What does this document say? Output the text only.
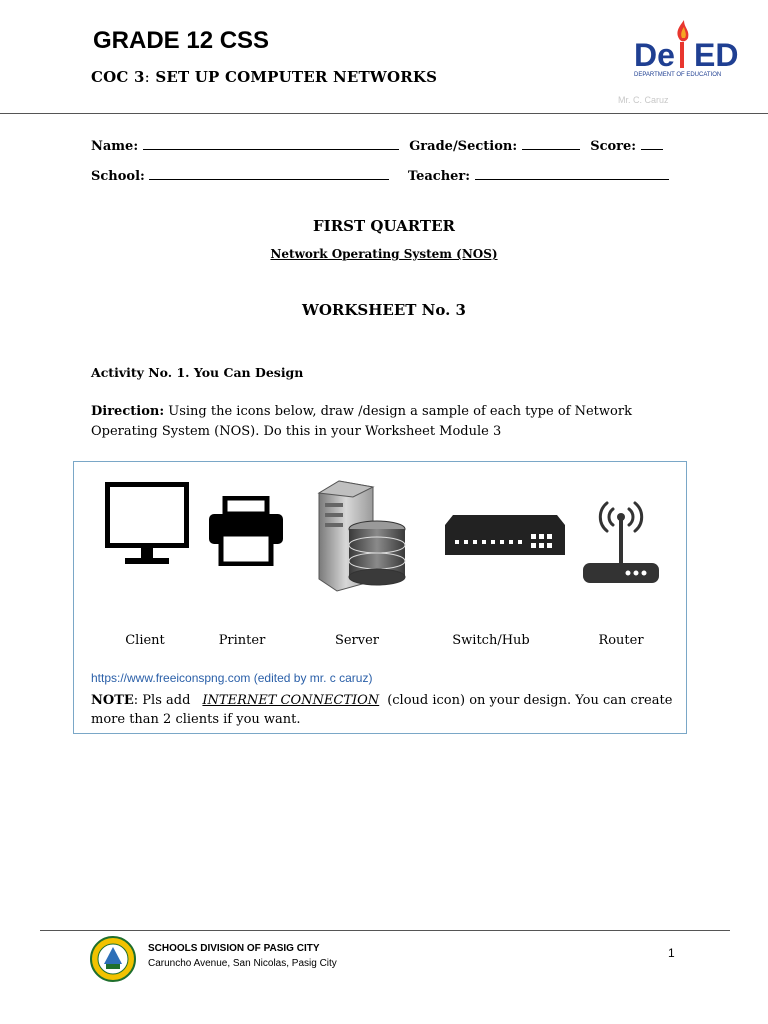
GRADE 12 CSS
COC 3: SET UP COMPUTER NETWORKS
De ED
DEPARTMENT OF EDUCATION
Mr. C. Caruz
Name:	Grade/Section:	Score:
School:	Teacher:
FIRST QUARTER
Network Operating System (NOS)
WORKSHEET No. 3
Activity No. 1. You Can Design
Direction: Using the icons below, draw /design a sample of each type of Network Operating System (NOS). Do this in your Worksheet Module 3
Client	Printer	Server	Switch/Hub	Router
https://www.freeiconspng.com (edited by mr. c caruz)
NOTE: Pls add INTERNET CONNECTION (cloud icon) on your design. You can create more than 2 clients if you want.
SCHOOLS DIVISION OF PASIG CITY
Caruncho Avenue, San Nicolas, Pasig City
1
